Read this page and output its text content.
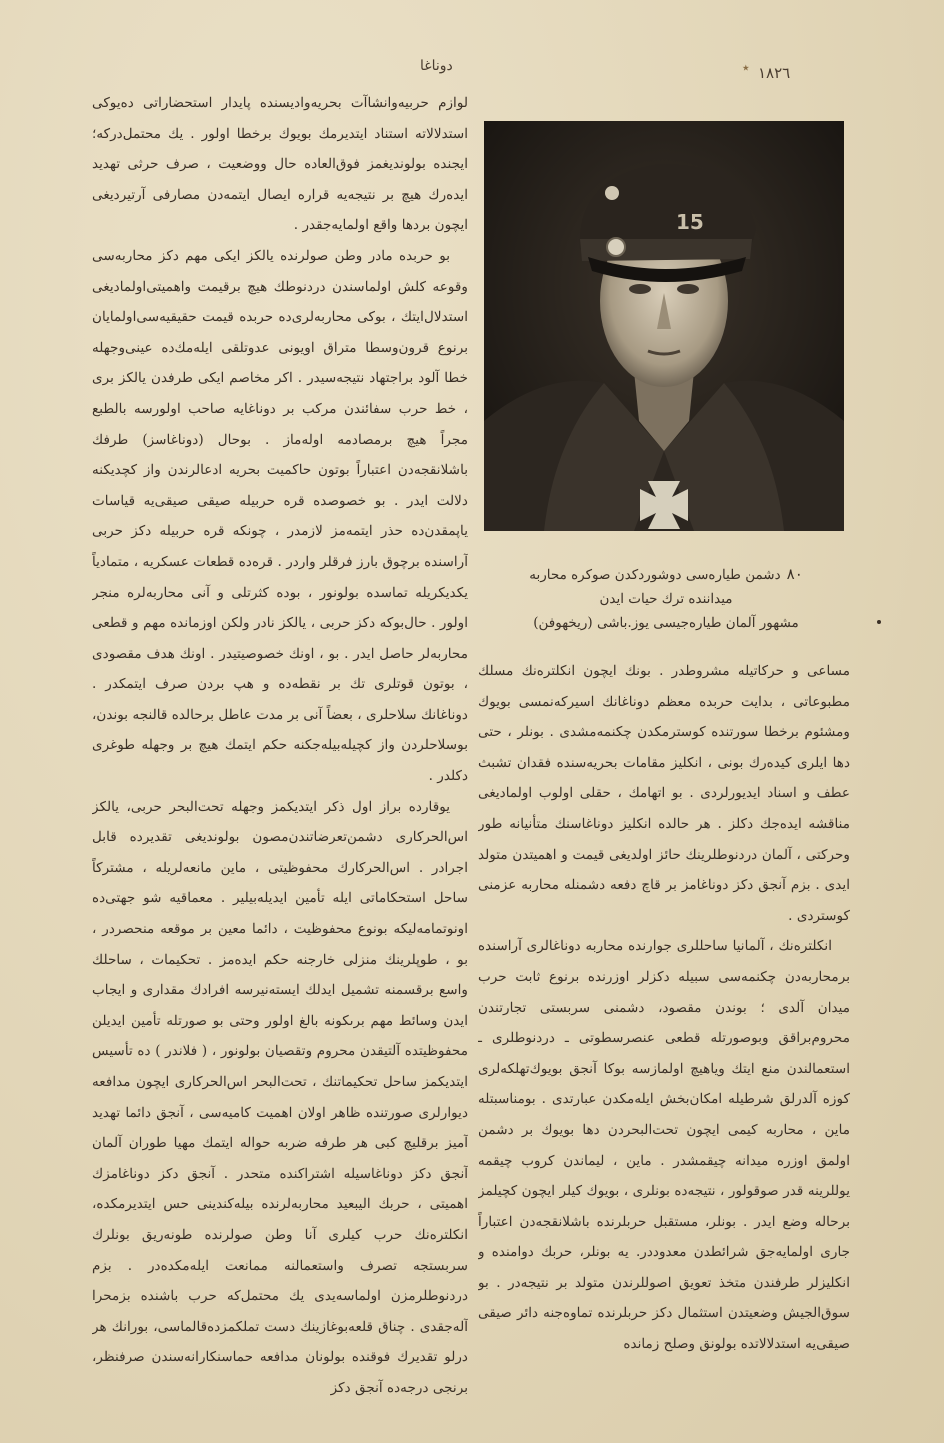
٭ ١٨٢٦
دوناغا

لوازم حربیەوانشاآت بحریەوادیسندە پایدار استحضاراتی دەیوکی استدلالاتە استناد ایتدیرمك بویوك برخطا اولور . یك محتمل‌درکه؛ ایجندە بولوندیغمز فوق‌العادە حال ووضعیت ، صرف حرثی تهدید ایدەرك هیچ بر نتیجەیە قرارە ایصال ایتمەدن مصارفی آرتیردیغی ایچون بردها واقع اولمایەجقدر .

بو حربدە مادر وطن صولرندە یالکز ایکی مهم دکز محاربەسی وقوعە کلش اولماسندن دردنوطك هیچ برقیمت واهمیتی‌اولمادیغی استدلال‌ایتك ، بوکی محاربەلری‌دە حربدە قیمت حقیقیەسی‌اولمایان برنوع قرون‌وسطا متراق اویونی عدوتلقی ایلەمك‌دە عینی‌وجهلە خطا آلود براجتهاد نتیجەسیدر . اکر مخاصم ایکی طرفدن یالکز بری ، خط حرب سفائندن مرکب بر دوناغایە صاحب اولورسە بالطبع مجراً هیچ برمصادمە اولەماز . بوحال (دوناغاسز) طرفك باشلانقجەدن اعتباراً بوتون حاکمیت بحریە ادعالرندن واز کچدیکنە دلالت ایدر . بو خصوصدە قرە حربیلە صیقی صیقی‌یە قیاسات یاپمقدن‌دە حذر ایتمەمز لازمدر ، چونکە قرە حربیلە دکز حربی آراسندە برچوق بارز فرقلر واردر . قرەدە قطعات عسکریە ، متمادیاً یکدیکریلە تماسدە بولونور ، بودە کثرتلی و آنی محاربەلرە منجر اولور . حال‌بوکە دکز حربی ، یالکز نادر ولکن اوزماندە مهم و قطعی محاربەلر حاصل ایدر . بو ، اونك خصوصیتیدر . اونك هدف مقصودی ، بوتون قوتلری تك بر نقطەدە و هپ بردن صرف ایتمکدر . دوناغانك سلاحلری ، بعضاً آنی بر مدت عاطل برحالدە قالنجە بوندن، بوسلاحلردن واز کچیلەبیلەجکنە حکم ایتمك هیچ بر وجهلە طوغری دکلدر .

یوقاردە براز اول ذکر ایتدیکمز وجهلە تحت‌البحر حربی، یالکز اس‌الحرکاری دشمن‌تعرضاتندن‌مصون بولوندیغی تقدیردە قابل اجرادر . اس‌الحرکارك محفوظیتی ، ماین مانعەلریلە ، مشترکاً ساحل استحکاماتی ایلە تأمین ایدیلەبیلیر . معماقیە شو جهتی‌دە اونوتمامەلیکە بونوع محفوظیت ، دائما معین بر موقعە منحصردر ، بو ، طوپلرینك منزلی خارجنە حکم ایدەمز . تحکیمات ، ساحلك واسع برقسمنە تشمیل ایدلك ایستەنیرسە افرادك مقداری و ایجاب ایدن وسائط مهم برىکونە بالغ اولور وحتی بو صورتلە تأمین ایدیلن محفوظیتدە آلتیقدن محروم وتقصیان بولونور ، ( فلاندر ) دە تأسیس ایتدیکمز ساحل تحکیماتنك ، تحت‌البحر اس‌الحرکاری ایچون مدافعە دیوارلری صورتندە ظاهر اولان اهمیت کامیەسی ، آنجق دائما تهدید آمیز برقلیچ کبی هر طرفە ضربە حوالە ایتمك مهیا طوران آلمان آنجق دکز دوناغاسیلە اشتراکندە متحدر . آنجق دکز دوناغامزك اهمیتی ، حربك الیبعید محاربەلرندە بیلەکندینی حس ایتدیرمکدە، انکلترەنك حرب کیلری آنا وطن صولرندە طونەریق بونلرك سربستجە تصرف واستعمالنە ممانعت ایلەمکدەدر . بزم دردنوطلرمزن اولماسەیدی یك محتمل‌کە حرب باشندە بزمحرا آلەجقدی . چناق قلعەبوغازینك دست تملکمزدەقالماسی، بورانك هر درلو تقدیرك فوقندە بولونان مدافعە حماسنکارانەسندن صرفنظر، برنجی درجەدە آنجق دکز

15
٨٠دشمن طیارەسی دوشوردکدن صوکرە محاربە
میدانندە ترك حیات ایدن
مشهور آلمان طیارەجیسی یوز.باشی (ریخهوفن)

مساعی و حرکاتیلە مشروطدر . بونك ایچون انکلترەنك مسلك مطبوعاتی ، بدایت حربدە معظم دوناغانك اسیرکەنمسی بویوك ومشئوم برخطا سورتندە کوسترمکدن چکنمەمشدی . بونلر ، حتی دها ایلری کیدەرك بونی ، انکلیز مقامات بحریەسندە فقدان تشبث عطف و اسناد ایدیورلردی . بو اتهامك ، حقلی اولوب اولمادیغی مناقشە ایدەجك دکلز . هر حالدە انکلیز دوناغاسنك متأنیانە طور وحرکتی ، آلمان دردنوطلرینك حائز اولدیغی قیمت و اهمیتدن متولد ایدی . بزم آنجق دکز دوناغامز بر قاچ دفعە دشمنلە محاربە عزمنی کوستردی .

انکلترەنك ، آلمانیا ساحللری جوارندە محاربە دوناغالری آراسندە برمحاربەدن چکنمەسی سبیلە دکزلر اوزرندە برنوع ثابت حرب میدان آلدی ؛ بوندن مقصود، دشمنی سربستی تجارتندن محروم‌براقق وبوصورتلە قطعی عنصرسطوتی ـ دردنوطلری ـ استعمالندن منع ایتك ویاهیچ اولمازسە بوکا آنجق بویوك‌تهلکەلری کوزە آلدرلق شرطیلە امکان‌بخش ایلەمکدن عبارتدی . بومناسبتلە ماین ، محاربە کیمی ایچون تحت‌البحردن دها بویوك بر دشمن اولمق اوزرە میدانە چیقمشدر . ماین ، لیماندن کروب چیقمە یوللرینە قدر صوقولور ، نتیجەدە بونلری ، بویوك کیلر ایچون کچیلمز برحالە وضع ایدر . بونلر، مستقبل حربلرندە باشلانقجەدن اعتباراً جاری اولمایەجق شرائطدن معدوددر. یە بونلر، حربك دوامندە و انکلیزلر طرفندن متخذ تعویق اصوللرندن متولد بر نتیجەدر . بو سوق‌الجیش وضعیتدن استثمال دکز حربلرندە تماوەجنە دائر صیقی صیقی‌یە استدلالاتدە بولونق وصلح زماندە
